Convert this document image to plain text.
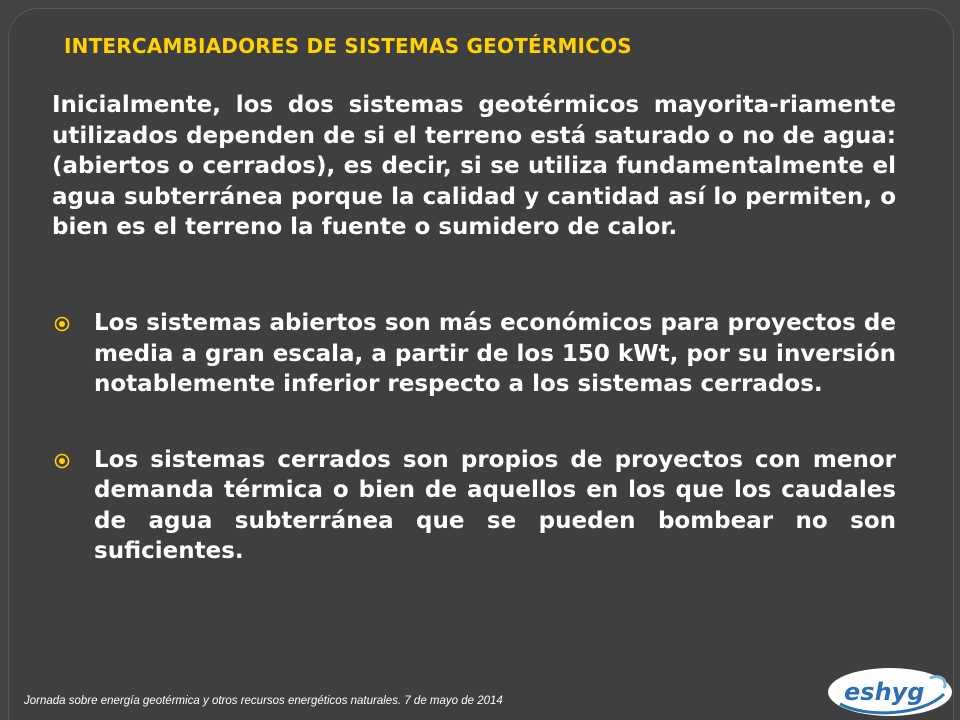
INTERCAMBIADORES DE SISTEMAS GEOTÉRMICOS

Inicialmente, los dos sistemas geotérmicos mayorita-riamente utilizados dependen de si el terreno está saturado o no de agua: (abiertos o cerrados), es decir, si se utiliza fundamentalmente el agua subterránea porque la calidad y cantidad así lo permiten, o bien es el terreno la fuente o sumidero de calor.

Los sistemas abiertos son más económicos para proyectos de media a gran escala, a partir de los 150 kWt, por su inversión notablemente inferior respecto a los sistemas cerrados.
Los sistemas cerrados son propios de proyectos con menor demanda térmica o bien de aquellos en los que los caudales de agua subterránea que se pueden bombear no son suficientes.
Jornada sobre energía geotérmica y otros recursos energéticos naturales. 7 de mayo de 2014	eshyg
